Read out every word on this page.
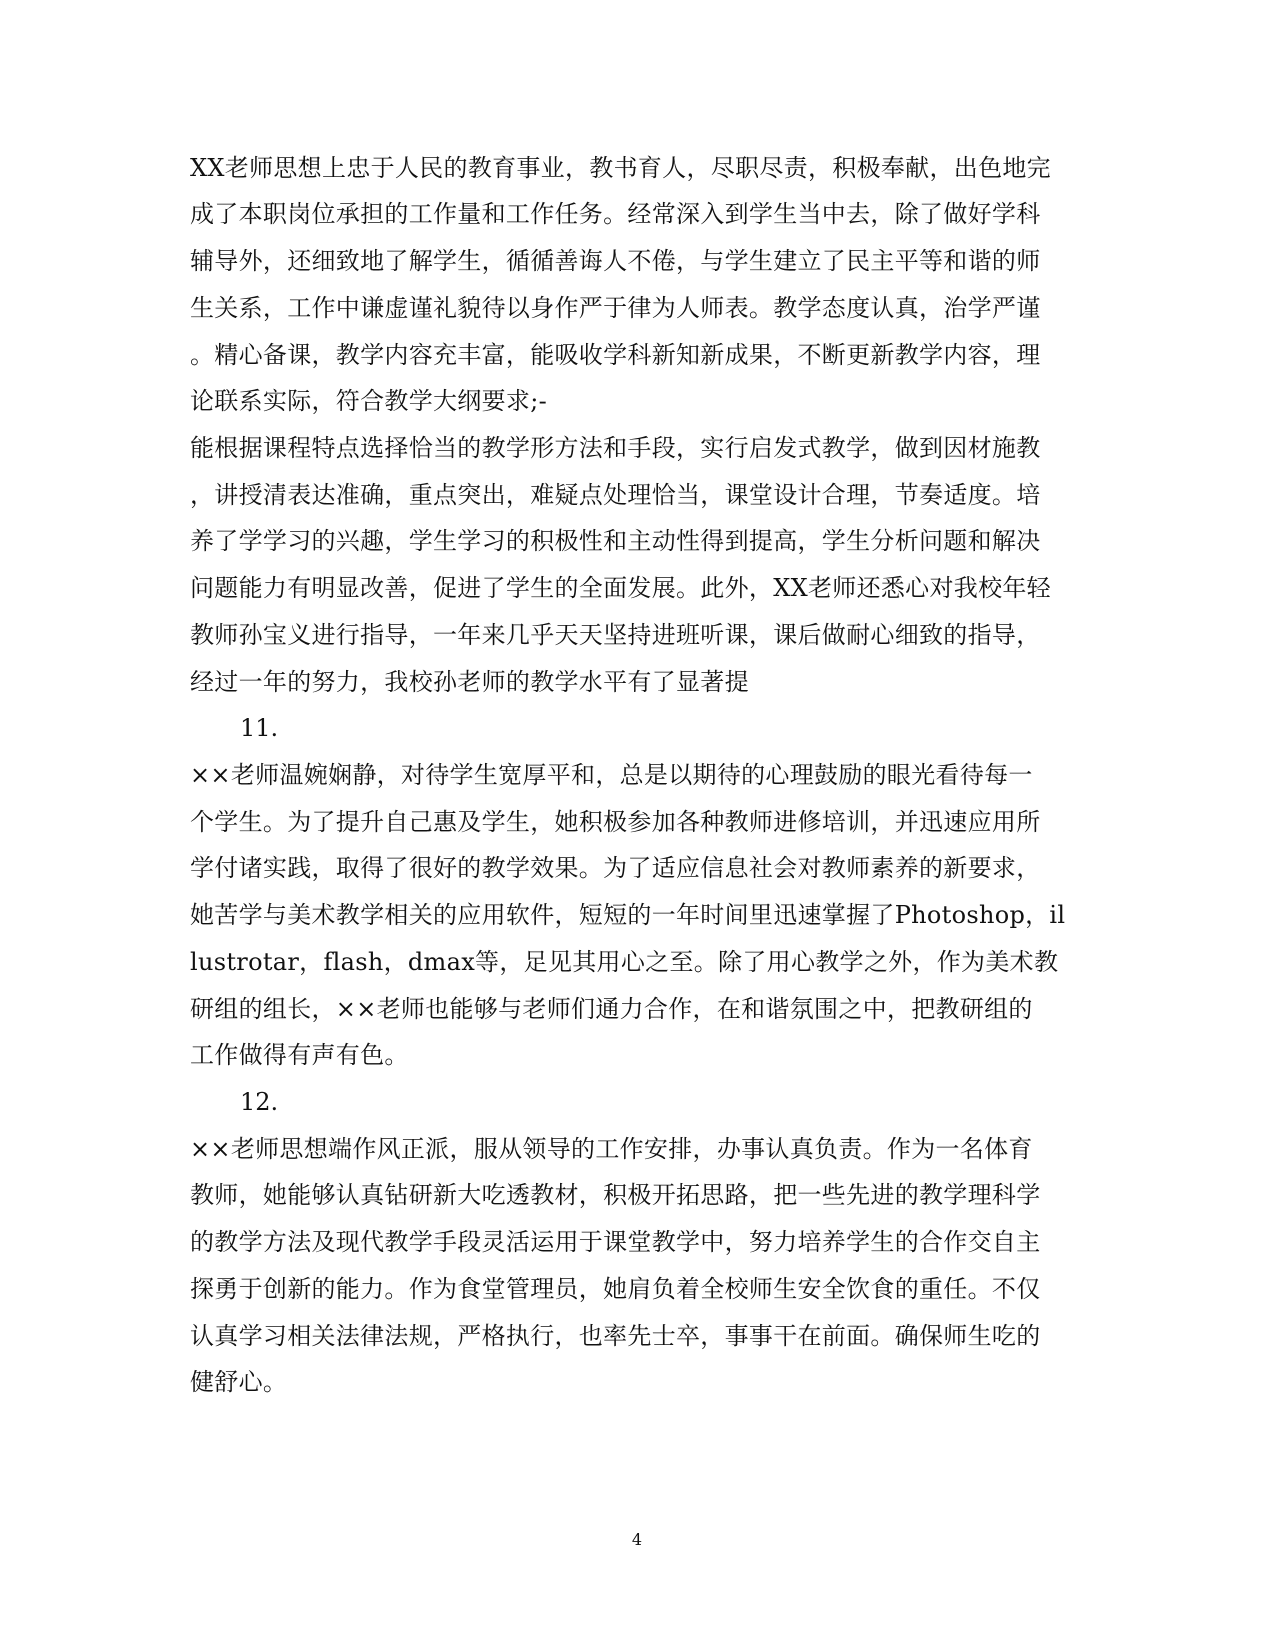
XX老师思想上忠于人民的教育事业，教书育人，尽职尽责，积极奉献，出色地完
成了本职岗位承担的工作量和工作任务。经常深入到学生当中去，除了做好学科
辅导外，还细致地了解学生，循循善诲人不倦，与学生建立了民主平等和谐的师
生关系，工作中谦虚谨礼貌待以身作严于律为人师表。教学态度认真，治学严谨
。精心备课，教学内容充丰富，能吸收学科新知新成果，不断更新教学内容，理
论联系实际，符合教学大纲要求;-
能根据课程特点选择恰当的教学形方法和手段，实行启发式教学，做到因材施教
，讲授清表达准确，重点突出，难疑点处理恰当，课堂设计合理，节奏适度。培
养了学学习的兴趣，学生学习的积极性和主动性得到提高，学生分析问题和解决
问题能力有明显改善，促进了学生的全面发展。此外，XX老师还悉心对我校年轻
教师孙宝义进行指导，一年来几乎天天坚持进班听课，课后做耐心细致的指导，
经过一年的努力，我校孙老师的教学水平有了显著提
11.
××老师温婉娴静，对待学生宽厚平和，总是以期待的心理鼓励的眼光看待每一
个学生。为了提升自己惠及学生，她积极参加各种教师进修培训，并迅速应用所
学付诸实践，取得了很好的教学效果。为了适应信息社会对教师素养的新要求，
她苦学与美术教学相关的应用软件，短短的一年时间里迅速掌握了Photoshop，il
lustrotar，flash，dmax等，足见其用心之至。除了用心教学之外，作为美术教
研组的组长，××老师也能够与老师们通力合作，在和谐氛围之中，把教研组的
工作做得有声有色。
12.
××老师思想端作风正派，服从领导的工作安排，办事认真负责。作为一名体育
教师，她能够认真钻研新大吃透教材，积极开拓思路，把一些先进的教学理科学
的教学方法及现代教学手段灵活运用于课堂教学中，努力培养学生的合作交自主
探勇于创新的能力。作为食堂管理员，她肩负着全校师生安全饮食的重任。不仅
认真学习相关法律法规，严格执行，也率先士卒，事事干在前面。确保师生吃的
健舒心。
4
